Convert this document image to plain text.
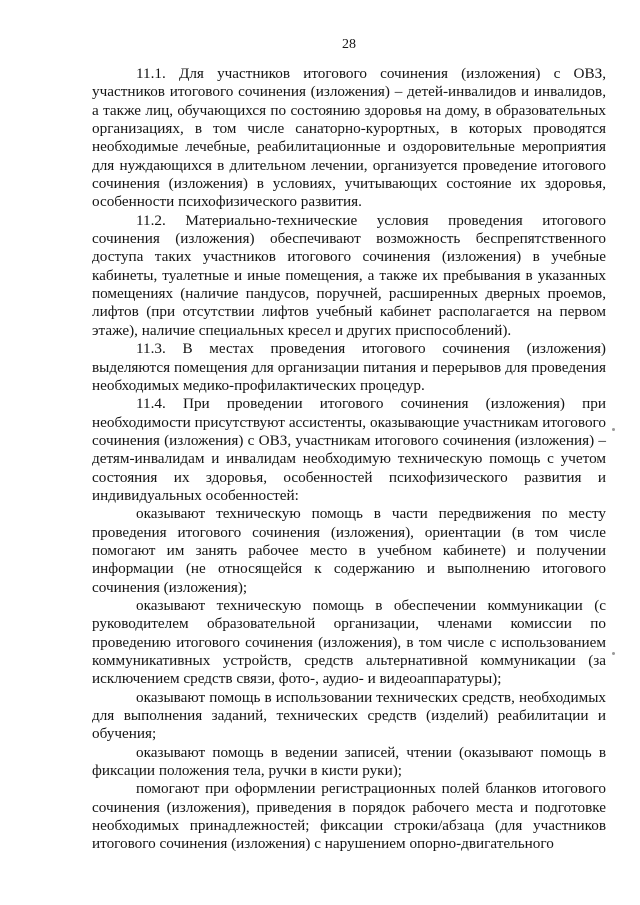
28

11.1. Для участников итогового сочинения (изложения) с ОВЗ, участников итогового сочинения (изложения) – детей-инвалидов и инвалидов, а также лиц, обучающихся по состоянию здоровья на дому, в образовательных организациях, в том числе санаторно-курортных, в которых проводятся необходимые лечебные, реабилитационные и оздоровительные мероприятия для нуждающихся в длительном лечении, организуется проведение итогового сочинения (изложения) в условиях, учитывающих состояние их здоровья, особенности психофизического развития.

11.2. Материально-технические условия проведения итогового сочинения (изложения) обеспечивают возможность беспрепятственного доступа таких участников итогового сочинения (изложения) в учебные кабинеты, туалетные и иные помещения, а также их пребывания в указанных помещениях (наличие пандусов, поручней, расширенных дверных проемов, лифтов (при отсутствии лифтов учебный кабинет располагается на первом этаже), наличие специальных кресел и других приспособлений).

11.3. В местах проведения итогового сочинения (изложения) выделяются помещения для организации питания и перерывов для проведения необходимых медико-профилактических процедур.

11.4. При проведении итогового сочинения (изложения) при необходимости присутствуют ассистенты, оказывающие участникам итогового сочинения (изложения) с ОВЗ, участникам итогового сочинения (изложения) – детям-инвалидам и инвалидам необходимую техническую помощь с учетом состояния их здоровья, особенностей психофизического развития и индивидуальных особенностей:

оказывают техническую помощь в части передвижения по месту проведения итогового сочинения (изложения), ориентации (в том числе помогают им занять рабочее место в учебном кабинете) и получении информации (не относящейся к содержанию и выполнению итогового сочинения (изложения);

оказывают техническую помощь в обеспечении коммуникации (с руководителем образовательной организации, членами комиссии по проведению итогового сочинения (изложения), в том числе с использованием коммуникативных устройств, средств альтернативной коммуникации (за исключением средств связи, фото-, аудио- и видеоаппаратуры);

оказывают помощь в использовании технических средств, необходимых для выполнения заданий, технических средств (изделий) реабилитации и обучения;

оказывают помощь в ведении записей, чтении (оказывают помощь в фиксации положения тела, ручки в кисти руки);

помогают при оформлении регистрационных полей бланков итогового сочинения (изложения), приведения в порядок рабочего места и подготовке необходимых принадлежностей; фиксации строки/абзаца (для участников итогового сочинения (изложения) с нарушением опорно-двигательного
